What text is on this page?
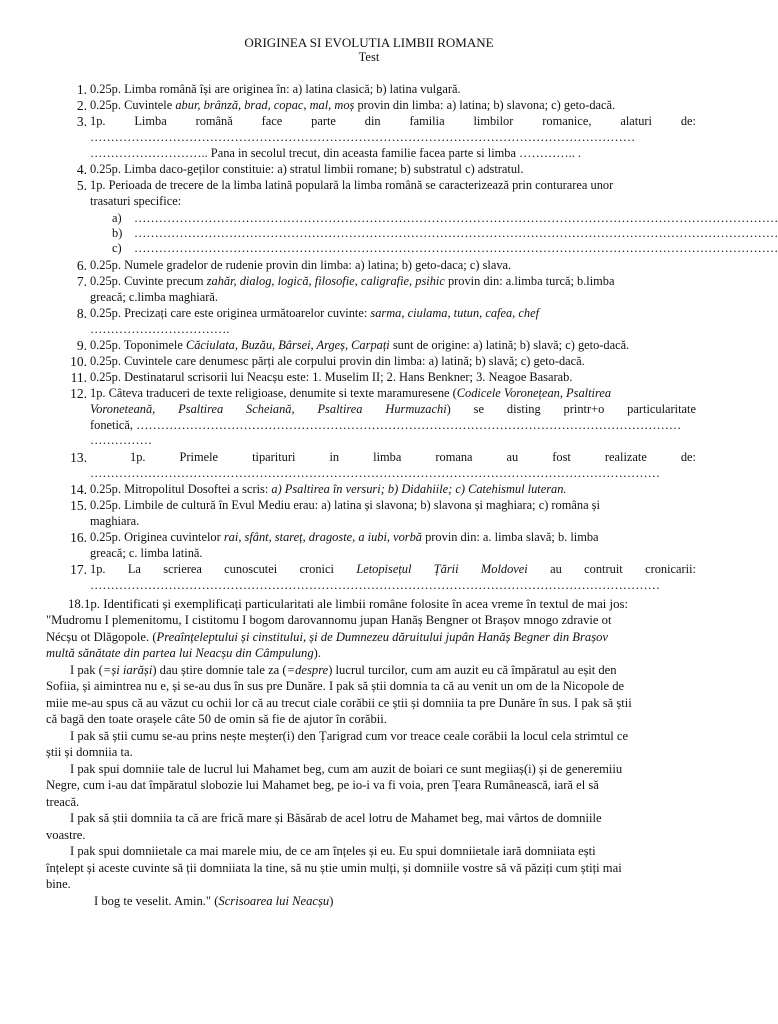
ORIGINEA SI EVOLUTIA LIMBII ROMANE
Test
1. 0.25p. Limba română își are originea în: a) latina clasică; b) latina vulgară.
2. 0.25p. Cuvintele abur, brânză, brad, copac, mal, moș provin din limba: a) latina; b) slavona; c) geto-dacă.
3. 1p. Limba română face parte din familia limbilor romanice, alaturi de:
……………………………………………………………………………………………………………………
……………………….. Pana in secolul trecut, din aceasta familie facea parte si limba ………….. .
4. 0.25p. Limba daco-geților constituie: a) stratul limbii romane; b) substratul c) adstratul.
5. 1p. Perioada de trecere de la limba latină populară la limba română se caracterizează prin conturarea unor
trasaturi specifice:
a) …………………………………………………………………………………………………………………………………………
b) …………………………………………………………………………………………………………………………………………
c) …………………………………………………………………………………………………………………………………………
6. 0.25p. Numele gradelor de rudenie provin din limba: a) latina; b) geto-daca; c) slava.
7. 0.25p. Cuvinte precum zahăr, dialog, logică, filosofie, caligrafie, psihic provin din: a.limba turcă; b.limba
greacă; c.limba maghiară.
8. 0.25p. Precizați care este originea următoarelor cuvinte: sarma, ciulama, tutun, cafea, chef
…………………………….
9. 0.25p. Toponimele Căciulata, Buzău, Bârsei, Argeș, Carpați sunt de origine: a) latină; b) slavă; c) geto-dacă.
10. 0.25p. Cuvintele care denumesc părți ale corpului provin din limba: a) latină; b) slavă; c) geto-dacă.
11. 0.25p. Destinatarul scrisorii lui Neacșu este: 1. Muselim II; 2. Hans Benkner; 3. Neagoe Basarab.
12. 1p. Câteva traduceri de texte religioase, denumite si texte maramuresene (Codicele Voronețean, Psaltirea
Voroneteană, Psaltirea Scheiană, Psaltirea Hurmuzachi) se disting printr+o particularitate
fonetică, ……………………………………………………………………………………………………………………
……………
13.	1p. Primele tiparituri in limba romana au fost realizate de:
…………………………………………………………………………………………………………………………
14. 0.25p. Mitropolitul Dosoftei a scris: a) Psaltirea în versuri; b) Didahiile; c) Catehismul luteran.
15. 0.25p. Limbile de cultură în Evul Mediu erau: a) latina și slavona; b) slavona și maghiara; c) româna și
maghiara.
16. 0.25p. Originea cuvintelor rai, sfânt, stareț, dragoste, a iubi, vorbă provin din: a. limba slavă; b. limba
greacă; c. limba latină.
17. 1p. La scrierea cunoscutei cronici Letopisețul Țării Moldovei au contruit cronicarii:
…………………………………………………………………………………………………………………………
18.1p. Identificati și exemplificați particularitati ale limbii române folosite în acea vreme în textul de mai jos:
"Mudromu I plemenitomu, I cistitomu I bogom darovannomu jupan Hanăș Bengner ot Brașov mnogo zdravie ot
Nécșu ot Dlăgopole. (Preaînțeleptului și cinstitului, și de Dumnezeu dăruitului jupân Hanăș Begner din Brașov
multă sănătate din partea lui Neacșu din Câmpulung).
I pak (=și iarăși) dau știre domnie tale za (=despre) lucrul turcilor, cum am auzit eu că împăratul au eșit den
Sofiia, și aimintrea nu e, și se-au dus în sus pre Dunăre. I pak să știi domnia ta că au venit un om de la Nicopole de
miie me-au spus că au văzut cu ochii lor că au trecut ciale corăbii ce știi și domniia ta pre Dunăre în sus. I pak să știi
că bagă den toate orașele câte 50 de omin să fie de ajutor în corăbii.
I pak să știi cumu se-au prins nește meșter(i) den Țarigrad cum vor treace ceale corăbii la locul cela strimtul ce
știi și domniia ta.
I pak spui domniie tale de lucrul lui Mahamet beg, cum am auzit de boiari ce sunt megiiaș(i) și de generemiiu
Negre, cum i-au dat împăratul slobozie lui Mahamet beg, pe io-i va fi voia, pren Țeara Rumânească, iară el să
treacă.
I pak să știi domniia ta că are frică mare și Băsărab de acel lotru de Mahamet beg, mai vârtos de domniile
voastre.
I pak spui domniietale ca mai marele miu, de ce am înțeles și eu. Eu spui domniietale iară domniiata ești
înțelept și aceste cuvinte să ții domniiata la tine, să nu știe umin mulți, și domniile vostre să vă păziți cum știți mai
bine.
I bog te veselit. Amin." (Scrisoarea lui Neacșu)
